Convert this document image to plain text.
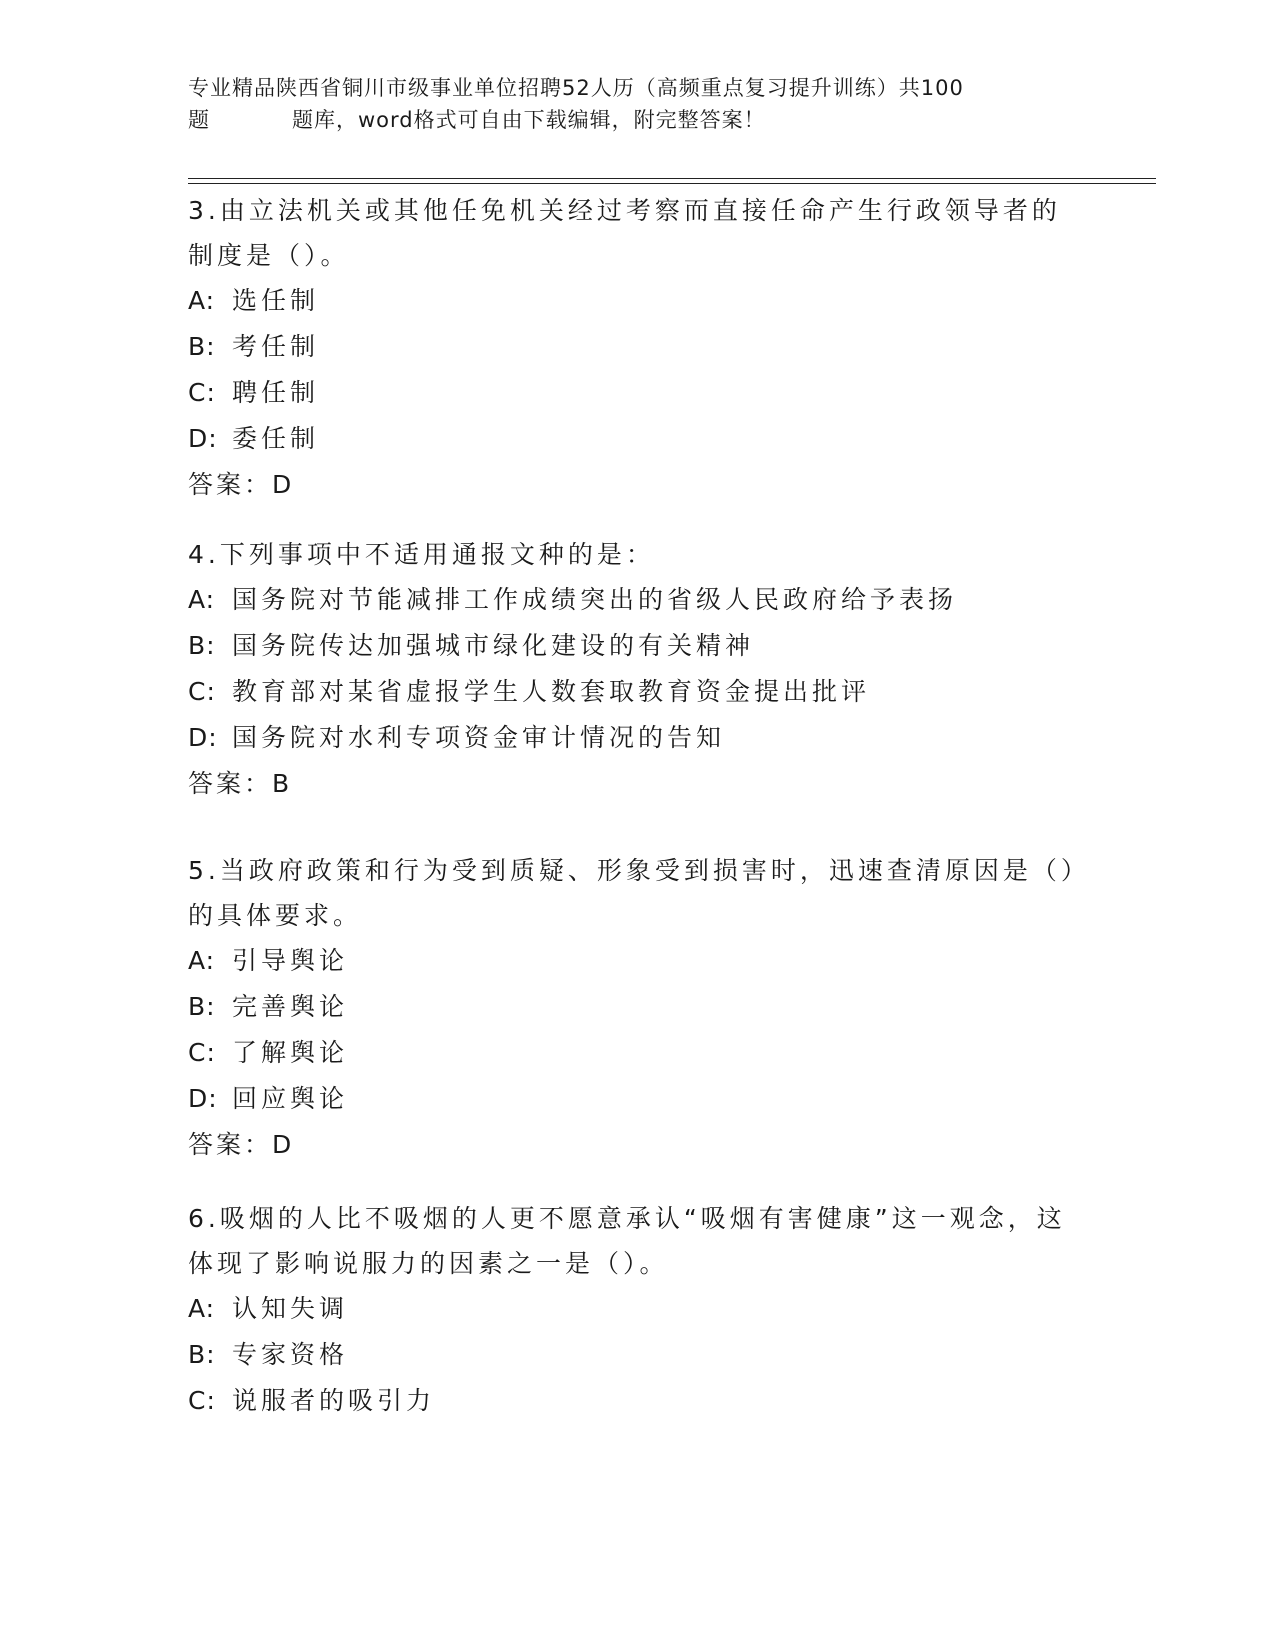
专业精品陕西省铜川市级事业单位招聘52人历（高频重点复习提升训练）共100
题	题库，word格式可自由下载编辑，附完整答案！

3.由立法机关或其他任免机关经过考察而直接任命产生行政领导者的制度是（）。

A: 选任制
B: 考任制
C: 聘任制
D: 委任制
答案：D

4.下列事项中不适用通报文种的是：

A: 国务院对节能减排工作成绩突出的省级人民政府给予表扬
B: 国务院传达加强城市绿化建设的有关精神
C: 教育部对某省虚报学生人数套取教育资金提出批评
D: 国务院对水利专项资金审计情况的告知
答案：B

5.当政府政策和行为受到质疑、形象受到损害时，迅速查清原因是（）的具体要求。

A: 引导舆论
B: 完善舆论
C: 了解舆论
D: 回应舆论
答案：D

6.吸烟的人比不吸烟的人更不愿意承认“吸烟有害健康”这一观念，这体现了影响说服力的因素之一是（）。

A: 认知失调
B: 专家资格
C: 说服者的吸引力
